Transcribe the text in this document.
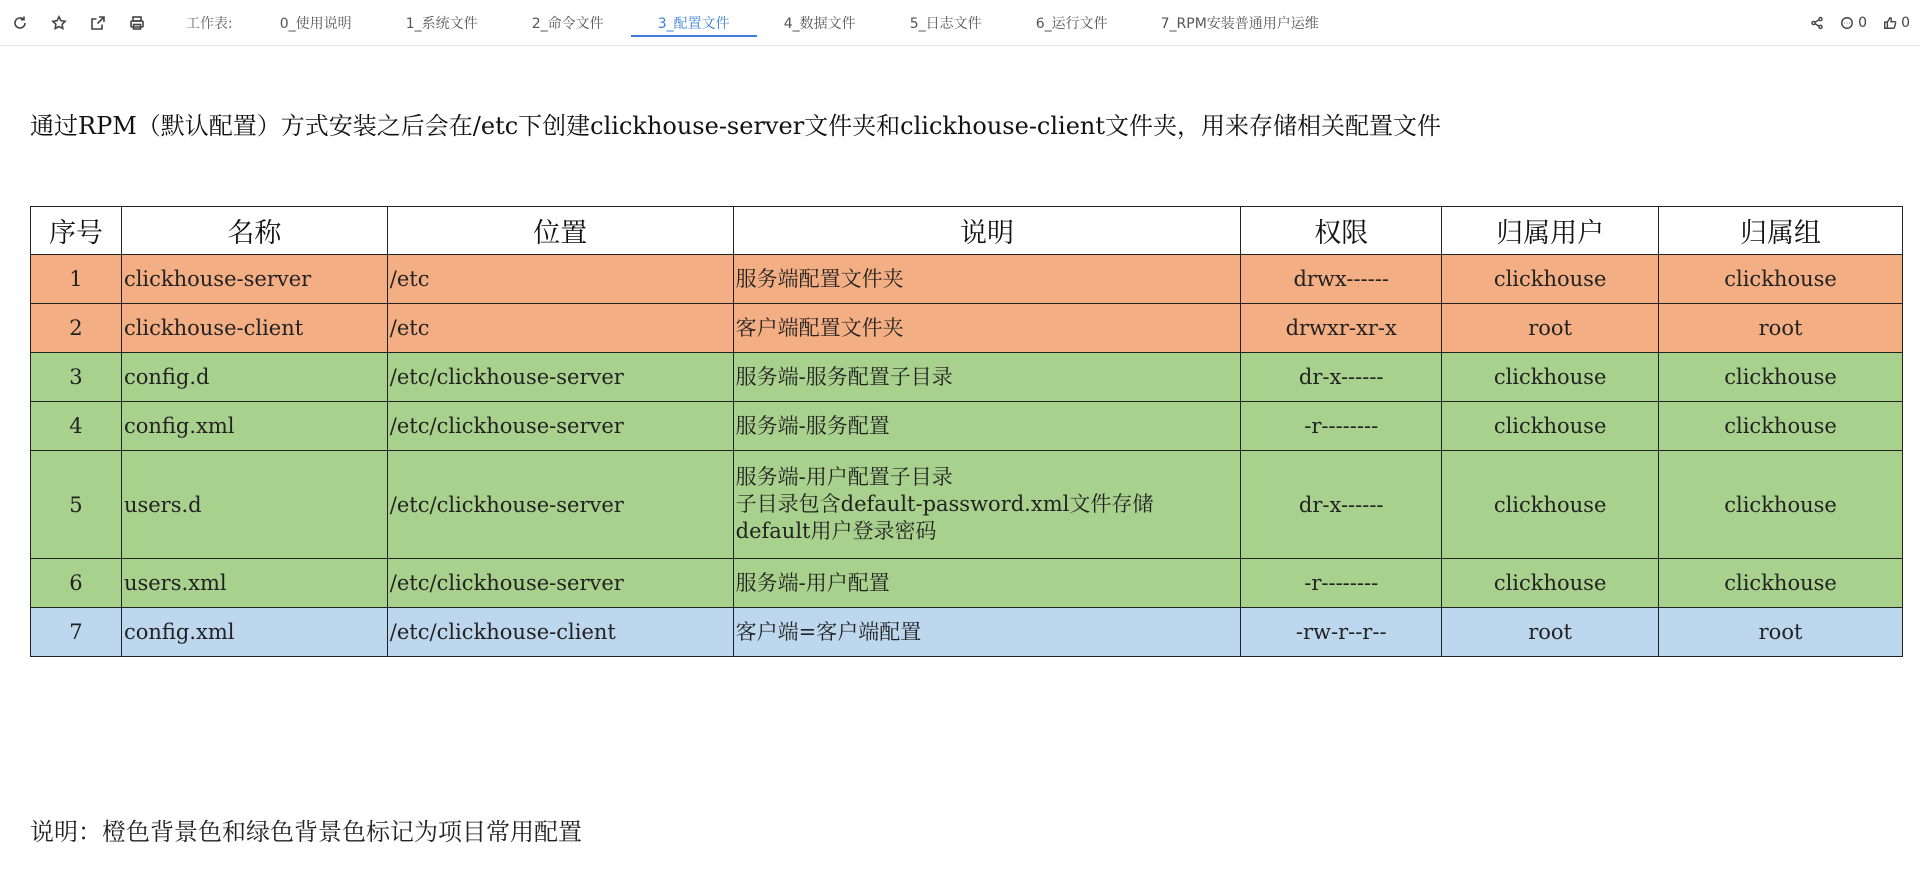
工作表:	0_使用说明	1_系统文件	2_命令文件	3_配置文件	4_数据文件	5_日志文件	6_运行文件	7_RPM安装普通用户运维	0 0
通过RPM（默认配置）方式安装之后会在/etc下创建clickhouse-server文件夹和clickhouse-client文件夹，用来存储相关配置文件
序号	名称	位置	说明	权限	归属用户	归属组
1	clickhouse-server	/etc	服务端配置文件夹	drwx------	clickhouse	clickhouse
2	clickhouse-client	/etc	客户端配置文件夹	drwxr-xr-x	root	root
3	config.d	/etc/clickhouse-server	服务端-服务配置子目录	dr-x------	clickhouse	clickhouse
4	config.xml	/etc/clickhouse-server	服务端-服务配置	-r--------	clickhouse	clickhouse
5	users.d	/etc/clickhouse-server	服务端-用户配置子目录
子目录包含default-password.xml文件存储
default用户登录密码	dr-x------	clickhouse	clickhouse
6	users.xml	/etc/clickhouse-server	服务端-用户配置	-r--------	clickhouse	clickhouse
7	config.xml	/etc/clickhouse-client	客户端=客户端配置	-rw-r--r--	root	root
说明：橙色背景色和绿色背景色标记为项目常用配置
